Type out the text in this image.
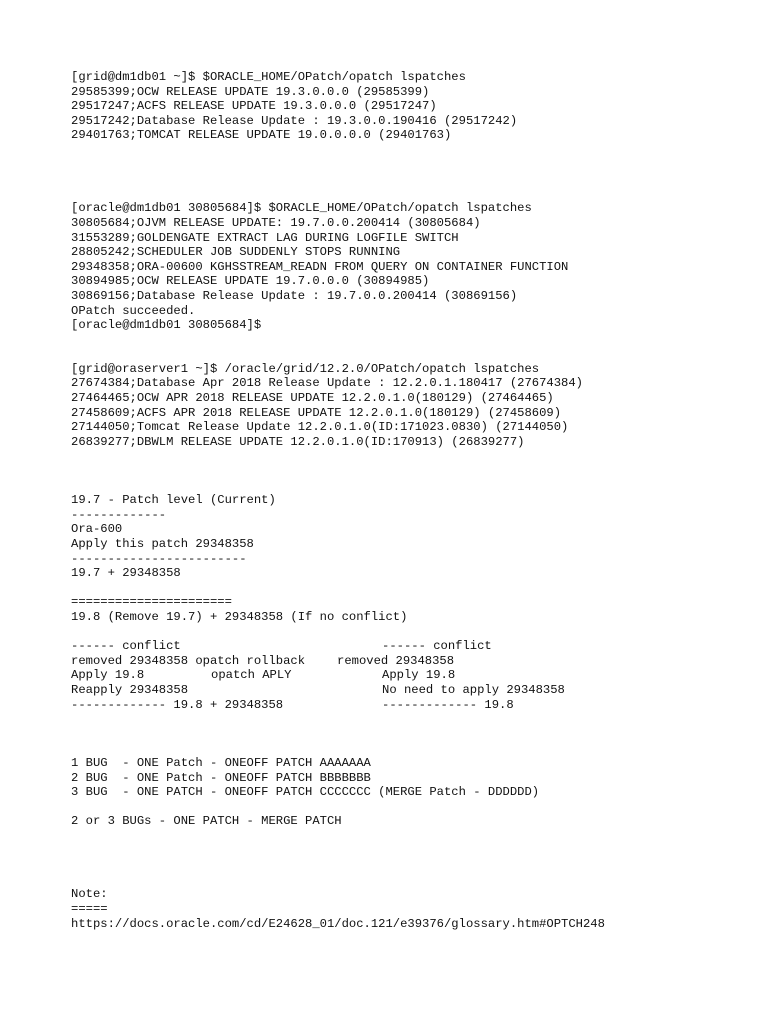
[grid@dm1db01 ~]$ $ORACLE_HOME/OPatch/opatch lspatches
29585399;OCW RELEASE UPDATE 19.3.0.0.0 (29585399)
29517247;ACFS RELEASE UPDATE 19.3.0.0.0 (29517247)
29517242;Database Release Update : 19.3.0.0.190416 (29517242)
29401763;TOMCAT RELEASE UPDATE 19.0.0.0.0 (29401763)
[oracle@dm1db01 30805684]$ $ORACLE_HOME/OPatch/opatch lspatches
30805684;OJVM RELEASE UPDATE: 19.7.0.0.200414 (30805684)
31553289;GOLDENGATE EXTRACT LAG DURING LOGFILE SWITCH
28805242;SCHEDULER JOB SUDDENLY STOPS RUNNING
29348358;ORA-00600 KGHSSTREAM_READN FROM QUERY ON CONTAINER FUNCTION
30894985;OCW RELEASE UPDATE 19.7.0.0.0 (30894985)
30869156;Database Release Update : 19.7.0.0.200414 (30869156)
OPatch succeeded.
[oracle@dm1db01 30805684]$
[grid@oraserver1 ~]$ /oracle/grid/12.2.0/OPatch/opatch lspatches
27674384;Database Apr 2018 Release Update : 12.2.0.1.180417 (27674384)
27464465;OCW APR 2018 RELEASE UPDATE 12.2.0.1.0(180129) (27464465)
27458609;ACFS APR 2018 RELEASE UPDATE 12.2.0.1.0(180129) (27458609)
27144050;Tomcat Release Update 12.2.0.1.0(ID:171023.0830) (27144050)
26839277;DBWLM RELEASE UPDATE 12.2.0.1.0(ID:170913) (26839277)
19.7 - Patch level (Current)
-------------
Ora-600
Apply this patch 29348358
------------------------
19.7 + 29348358
======================
19.8 (Remove 19.7) + 29348358 (If no conflict)
------ conflict	------ conflict
removed 29348358 opatch rollback	removed 29348358
Apply 19.8	opatch APLY	Apply 19.8
Reapply 29348358	No need to apply 29348358
------------- 19.8 + 29348358	------------- 19.8
1 BUG  - ONE Patch - ONEOFF PATCH AAAAAAA
2 BUG  - ONE Patch - ONEOFF PATCH BBBBBBB
3 BUG  - ONE PATCH - ONEOFF PATCH CCCCCCC (MERGE Patch - DDDDDD)
2 or 3 BUGs - ONE PATCH - MERGE PATCH
Note:
=====
https://docs.oracle.com/cd/E24628_01/doc.121/e39376/glossary.htm#OPTCH248
